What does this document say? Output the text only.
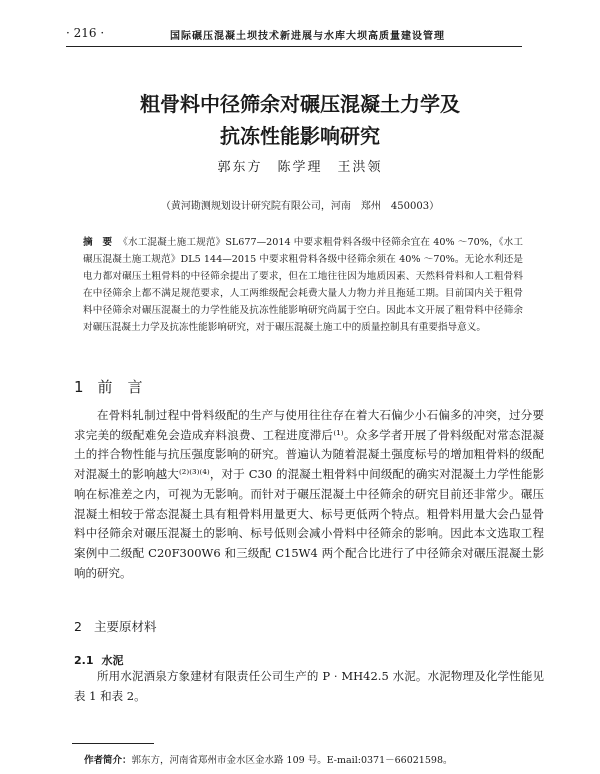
· 216 ·	国际碾压混凝土坝技术新进展与水库大坝高质量建设管理
粗骨料中径筛余对碾压混凝土力学及
抗冻性能影响研究
郭东方　陈学理　王洪领
（黄河勘测规划设计研究院有限公司，河南　郑州　450003）

摘　要 《水工混凝土施工规范》SL677—2014 中要求粗骨料各级中径筛余宜在 40% ～70%，《水工碾压混凝土施工规范》DL5 144—2015 中要求粗骨料各级中径筛余须在 40% ～70%。无论水利还是电力都对碾压土粗骨料的中径筛余提出了要求，但在工地往往因为地质因素、天然料骨料和人工粗骨料在中径筛余上都不满足规范要求，人工两维级配会耗费大量人力物力并且拖延工期。目前国内关于粗骨料中径筛余对碾压混凝土的力学性能及抗冻性能影响研究尚属于空白。因此本文开展了粗骨料中径筛余对碾压混凝土力学及抗冻性能影响研究，对于碾压混凝土施工中的质量控制具有重要指导意义。

1 前　言

在骨料轧制过程中骨料级配的生产与使用往往存在着大石偏少小石偏多的冲突，过分要求完美的级配难免会造成弃料浪费、工程进度滞后⁽¹⁾。众多学者开展了骨料级配对常态混凝土的拌合物性能与抗压强度影响的研究。普遍认为随着混凝土强度标号的增加粗骨料的级配对混凝土的影响越大⁽²⁾⁽³⁾⁽⁴⁾，对于 C30 的混凝土粗骨料中间级配的确实对混凝土力学性能影响在标准差之内，可视为无影响。而针对于碾压混凝土中径筛余的研究目前还非常少。碾压混凝土相较于常态混凝土具有粗骨料用量更大、标号更低两个特点。粗骨料用量大会凸显骨料中径筛余对碾压混凝土的影响、标号低则会减小骨料中径筛余的影响。因此本文选取工程案例中二级配 C20F300W6 和三级配 C15W4 两个配合比进行了中径筛余对碾压混凝土影响的研究。

2 主要原材料
2.1 水泥

所用水泥酒泉方象建材有限责任公司生产的 P · MH42.5 水泥。水泥物理及化学性能见表 1 和表 2。

作者简介：郭东方，河南省郑州市金水区金水路 109 号。E-mail:0371－66021598。
